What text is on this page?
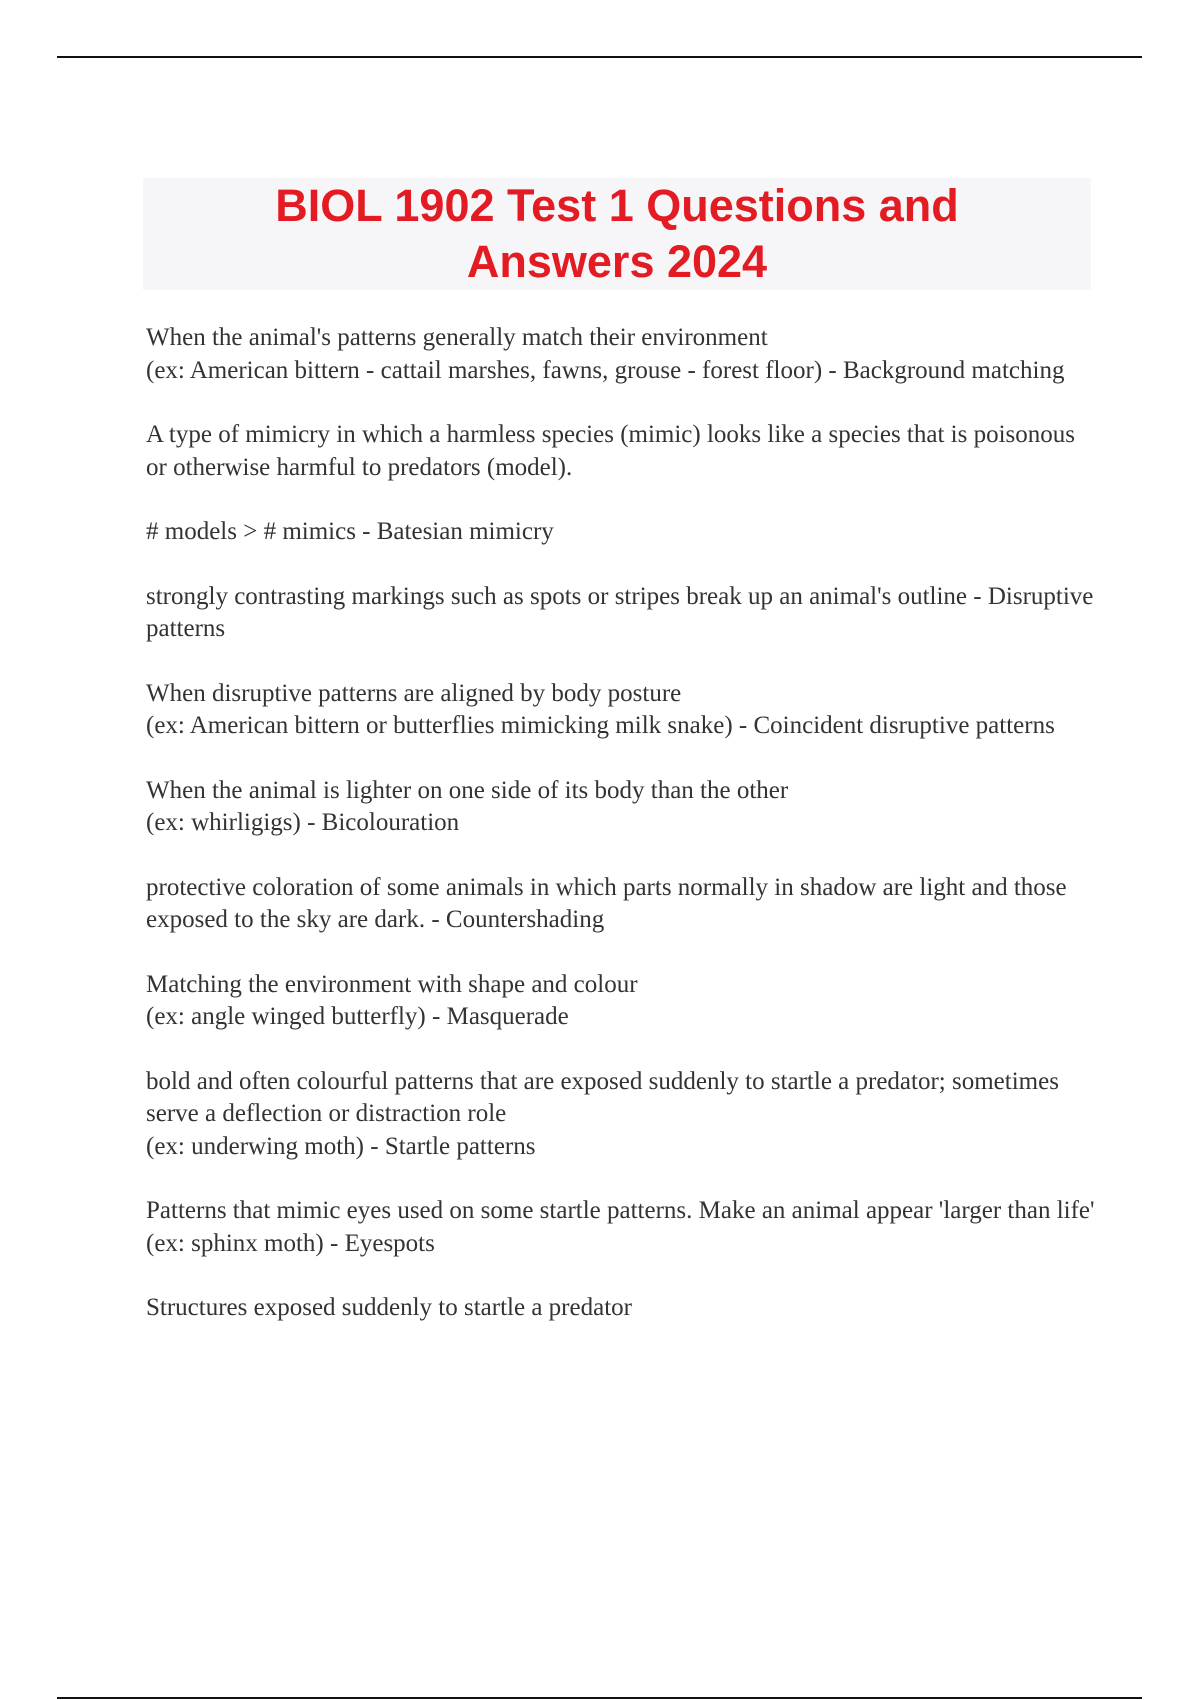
BIOL 1902 Test 1 Questions and Answers 2024

When the animal's patterns generally match their environment
(ex: American bittern - cattail marshes, fawns, grouse - forest floor) - Background matching

A type of mimicry in which a harmless species (mimic) looks like a species that is poisonous or otherwise harmful to predators (model).

# models > # mimics - Batesian mimicry

strongly contrasting markings such as spots or stripes break up an animal's outline - Disruptive patterns

When disruptive patterns are aligned by body posture
(ex: American bittern or butterflies mimicking milk snake) - Coincident disruptive patterns

When the animal is lighter on one side of its body than the other
(ex: whirligigs) - Bicolouration

protective coloration of some animals in which parts normally in shadow are light and those exposed to the sky are dark. - Countershading

Matching the environment with shape and colour
(ex: angle winged butterfly) - Masquerade

bold and often colourful patterns that are exposed suddenly to startle a predator; sometimes serve a deflection or distraction role
(ex: underwing moth) - Startle patterns

Patterns that mimic eyes used on some startle patterns. Make an animal appear 'larger than life'
(ex: sphinx moth) - Eyespots

Structures exposed suddenly to startle a predator
